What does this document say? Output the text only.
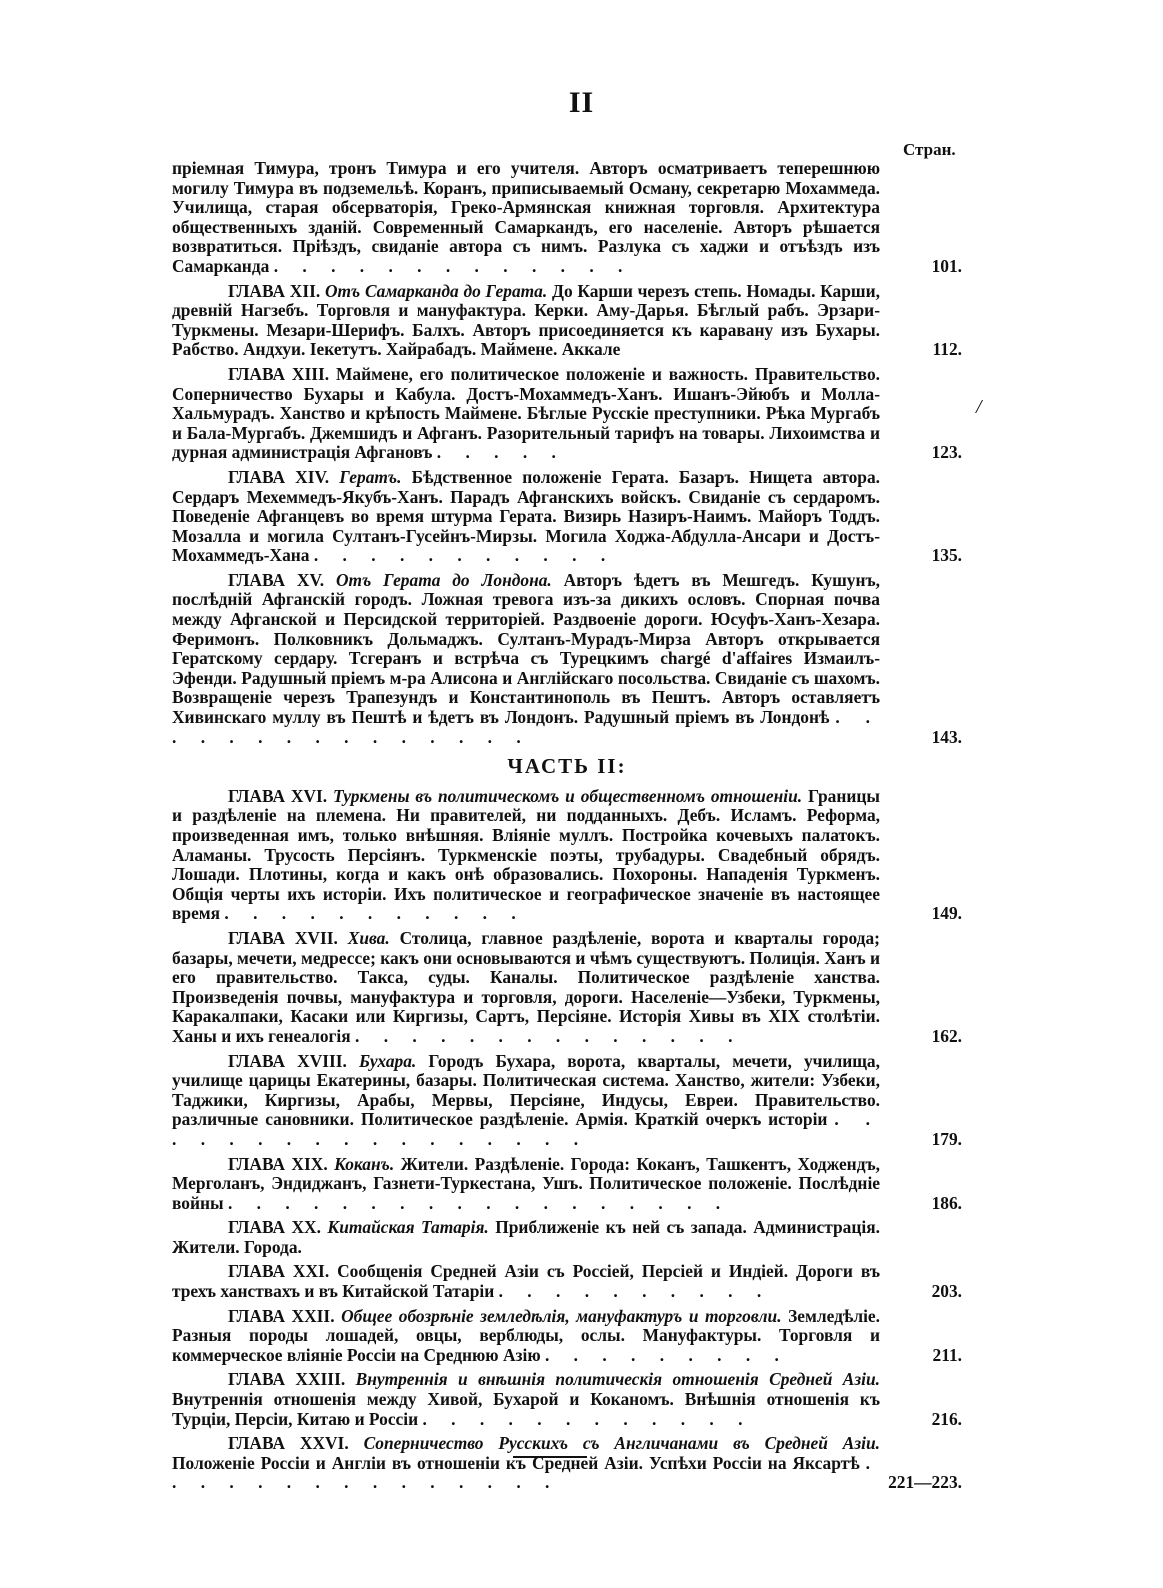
II
Стран.
/
пріемная Тимура, тронъ Тимура и его учителя. Авторъ осматриваетъ теперешнюю могилу Тимура въ подземельѣ. Коранъ, приписываемый Осману, секретарю Мохаммеда. Училища, старая обсерваторія, Греко-Армянская книжная торговля. Архитектура общественныхъ зданій. Современный Самаркандъ, его населеніе. Авторъ рѣшается возвратиться. Пріѣздъ, свиданіе автора съ нимъ. Разлука съ хаджи и отъѣздъ изъ Самарканда . . . . . . . . . . . . .	101.
ГЛАВА XII. Отъ Самарканда до Герата. До Карши черезъ степь. Номады. Карши, древній Нагзебъ. Торговля и мануфактура. Керки. Аму-Дарья. Бѣглый рабъ. Эрзари-Туркмены. Мезари-Шерифъ. Балхъ. Авторъ присоединяется къ каравану изъ Бухары. Рабство. Андхуи. Іекетутъ. Хайрабадъ. Маймене. Аккале	112.
ГЛАВА XIII. Маймене, его политическое положеніе и важность. Правительство. Соперничество Бухары и Кабула. Достъ-Мохаммедъ-Ханъ. Ишанъ-Эйюбъ и Молла-Хальмурадъ. Ханство и крѣпость Маймене. Бѣглые Русскіе преступники. Рѣка Мургабъ и Бала-Мургабъ. Джемшидъ и Афганъ. Разорительный тарифъ на товары. Лихоимства и дурная администрація Афгановъ . . . . .	123.
ГЛАВА XIV. Гератъ. Бѣдственное положеніе Герата. Базаръ. Нищета автора. Сердаръ Мехеммедъ-Якубъ-Ханъ. Парадъ Афганскихъ войскъ. Свиданіе съ сердаромъ. Поведеніе Афганцевъ во время штурма Герата. Визирь Назиръ-Наимъ. Майоръ Тоддъ. Мозалла и могила Султанъ-Гусейнъ-Мирзы. Могила Ходжа-Абдулла-Ансари и Достъ-Мохаммедъ-Хана . . . . . . . . . . .	135.
ГЛАВА XV. Отъ Герата до Лондона. Авторъ ѣдетъ въ Мешгедъ. Кушунъ, послѣдній Афганскій городъ. Ложная тревога изъ-за дикихъ ословъ. Спорная почва между Афганской и Персидской территоріей. Раздвоеніе дороги. Юсуфъ-Ханъ-Хезара. Феримонъ. Полковникъ Дольмаджъ. Султанъ-Мурадъ-Мирза Авторъ открывается Гератскому сердару. Тсгеранъ и встрѣча съ Турецкимъ chargé d'affaires Измаилъ-Эфенди. Радушный пріемъ м-ра Алисона и Англійскаго посольства. Свиданіе съ шахомъ. Возвращеніе черезъ Трапезундъ и Константинополь въ Пештъ. Авторъ оставляетъ Хивинскаго муллу въ Пештѣ и ѣдетъ въ Лондонъ. Радушный пріемъ въ Лондонѣ . . . . . . . . . . . . . . .	143.
ЧАСТЬ II:
ГЛАВА XVI. Туркмены въ политическомъ и общественномъ отношеніи. Границы и раздѣленіе на племена. Ни правителей, ни подданныхъ. Дебъ. Исламъ. Реформа, произведенная имъ, только внѣшняя. Вліяніе муллъ. Постройка кочевыхъ палатокъ. Аламаны. Трусость Персіянъ. Туркменскіе поэты, трубадуры. Свадебный обрядъ. Лошади. Плотины, когда и какъ онѣ образовались. Похороны. Нападенія Туркменъ. Общія черты ихъ исторіи. Ихъ политическое и географическое значеніе въ настоящее время . . . . . . . . . . .	149.
ГЛАВА XVII. Хива. Столица, главное раздѣленіе, ворота и кварталы города; базары, мечети, медрессе; какъ они основываются и чѣмъ существуютъ. Полиція. Ханъ и его правительство. Такса, суды. Каналы. Политическое раздѣленіе ханства. Произведенія почвы, мануфактура и торговля, дороги. Населеніе—Узбеки, Туркмены, Каракалпаки, Касаки или Киргизы, Сартъ, Персіяне. Исторія Хивы въ XIX столѣтіи. Ханы и ихъ генеалогія . . . . . . . . . . . . . .	162.
ГЛАВА XVIII. Бухара. Городъ Бухара, ворота, кварталы, мечети, училища, училище царицы Екатерины, базары. Политическая система. Ханство, жители: Узбеки, Таджики, Киргизы, Арабы, Мервы, Персіяне, Индусы, Евреи. Правительство. различные сановники. Политическое раздѣленіе. Армія. Краткій очеркъ исторіи . . . . . . . . . . . . . . . . .	179.
ГЛАВА XIX. Коканъ. Жители. Раздѣленіе. Города: Коканъ, Ташкентъ, Ходжендъ, Мерголанъ, Эндиджанъ, Газнети-Туркестана, Ушъ. Политическое положеніе. Послѣдніе войны . . . . . . . . . . . . . . . . . .	186.
ГЛАВА XX. Китайская Татарія. Приближеніе къ ней съ запада. Администрація. Жители. Города.
ГЛАВА XXI. Сообщенія Средней Азіи съ Россіей, Персіей и Индіей. Дороги въ трехъ ханствахъ и въ Китайской Татаріи . . . . . . . . . .	203.
ГЛАВА XXII. Общее обозрѣніе земледѣлія, мануфактуръ и торговли. Земледѣліе. Разныя породы лошадей, овцы, верблюды, ослы. Мануфактуры. Торговля и коммерческое вліяніе Россіи на Среднюю Азію . . . . . . . . .	211.
ГЛАВА XXIII. Внутреннія и внѣшнія политическія отношенія Средней Азіи. Внутреннія отношенія между Хивой, Бухарой и Коканомъ. Внѣшнія отношенія къ Турціи, Персіи, Китаю и Россіи . . . . . . . . . . . .	216.
ГЛАВА XXVI. Соперничество Русскихъ съ Англичанами въ Средней Азіи. Положеніе Россіи и Англіи въ отношеніи къ Средней Азіи. Успѣхи Россіи на Яксартѣ . . . . . . . . . . . . . . .	221—223.
